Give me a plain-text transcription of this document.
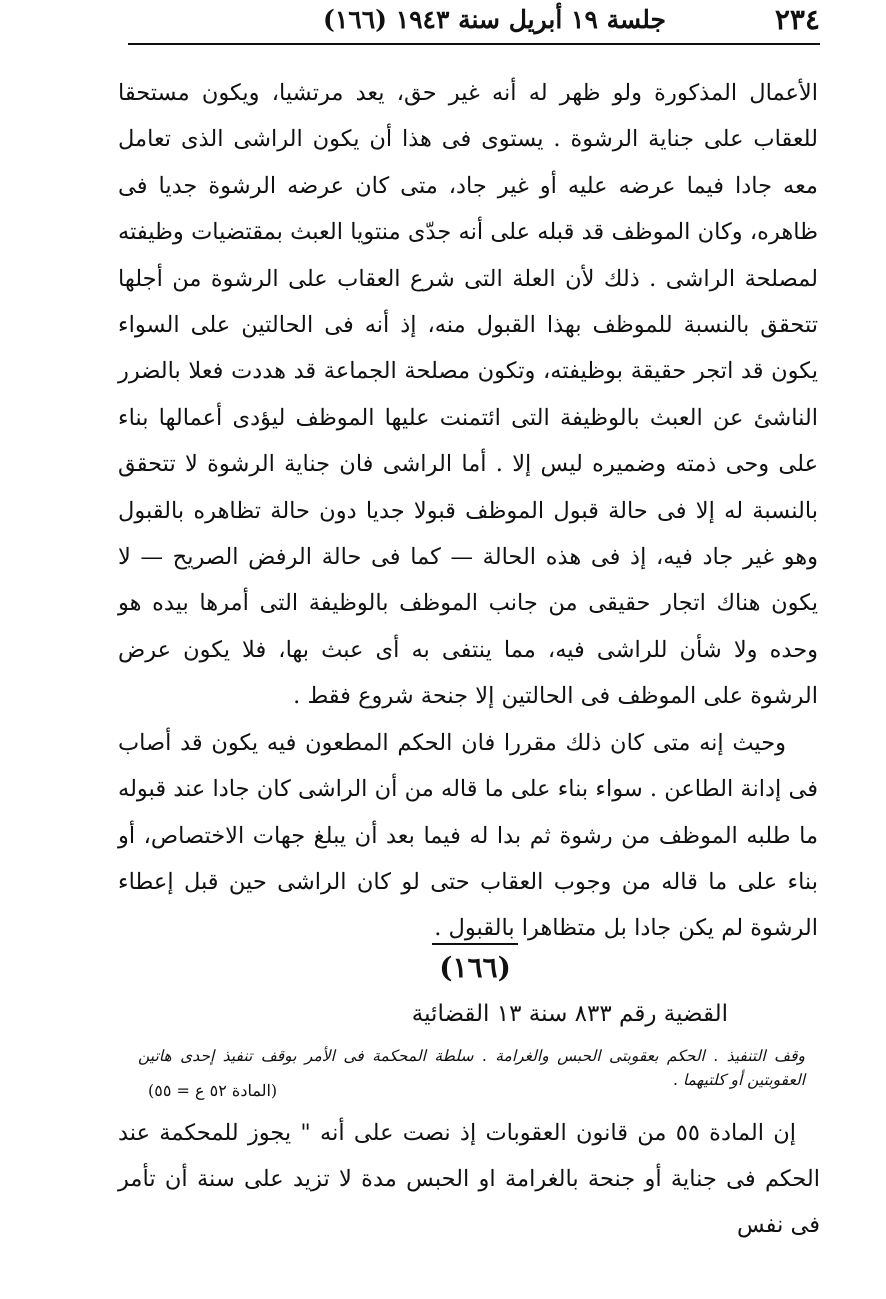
٢٣٤
جلسة ١٩ أبريل سنة ١٩٤٣ (١٦٦)

الأعمال المذكورة ولو ظهر له أنه غير حق، يعد مرتشيا، ويكون مستحقا للعقاب على جناية الرشوة . يستوى فى هذا أن يكون الراشى الذى تعامل معه جادا فيما عرضه عليه أو غير جاد، متى كان عرضه الرشوة جديا فى ظاهره، وكان الموظف قد قبله على أنه جدّى منتويا العبث بمقتضيات وظيفته لمصلحة الراشى . ذلك لأن العلة التى شرع العقاب على الرشوة من أجلها تتحقق بالنسبة للموظف بهذا القبول منه، إذ أنه فى الحالتين على السواء يكون قد اتجر حقيقة بوظيفته، وتكون مصلحة الجماعة قد هددت فعلا بالضرر الناشئ عن العبث بالوظيفة التى ائتمنت عليها الموظف ليؤدى أعمالها بناء على وحى ذمته وضميره ليس إلا . أما الراشى فان جناية الرشوة لا تتحقق بالنسبة له إلا فى حالة قبول الموظف قبولا جديا دون حالة تظاهره بالقبول وهو غير جاد فيه، إذ فى هذه الحالة — كما فى حالة الرفض الصريح — لا يكون هناك اتجار حقيقى من جانب الموظف بالوظيفة التى أمرها بيده هو وحده ولا شأن للراشى فيه، مما ينتفى به أى عبث بها، فلا يكون عرض الرشوة على الموظف فى الحالتين إلا جنحة شروع فقط .

وحيث إنه متى كان ذلك مقررا فان الحكم المطعون فيه يكون قد أصاب فى إدانة الطاعن . سواء بناء على ما قاله من أن الراشى كان جادا عند قبوله ما طلبه الموظف من رشوة ثم بدا له فيما بعد أن يبلغ جهات الاختصاص، أو بناء على ما قاله من وجوب العقاب حتى لو كان الراشى حين قبل إعطاء الرشوة لم يكن جادا بل متظاهرا بالقبول .

(١٦٦)
القضية رقم ٨٣٣ سنة ١٣ القضائية
وقف التنفيذ . الحكم بعقوبتى الحبس والغرامة . سلطة المحكمة فى الأمر بوقف تنفيذ إحدى هاتين العقوبتين أو كلتيهما .
(المادة ٥٢ ع = ٥٥)

إن المادة ٥٥ من قانون العقوبات إذ نصت على أنه " يجوز للمحكمة عند الحكم فى جناية أو جنحة بالغرامة او الحبس مدة لا تزيد على سنة أن تأمر فى نفس
